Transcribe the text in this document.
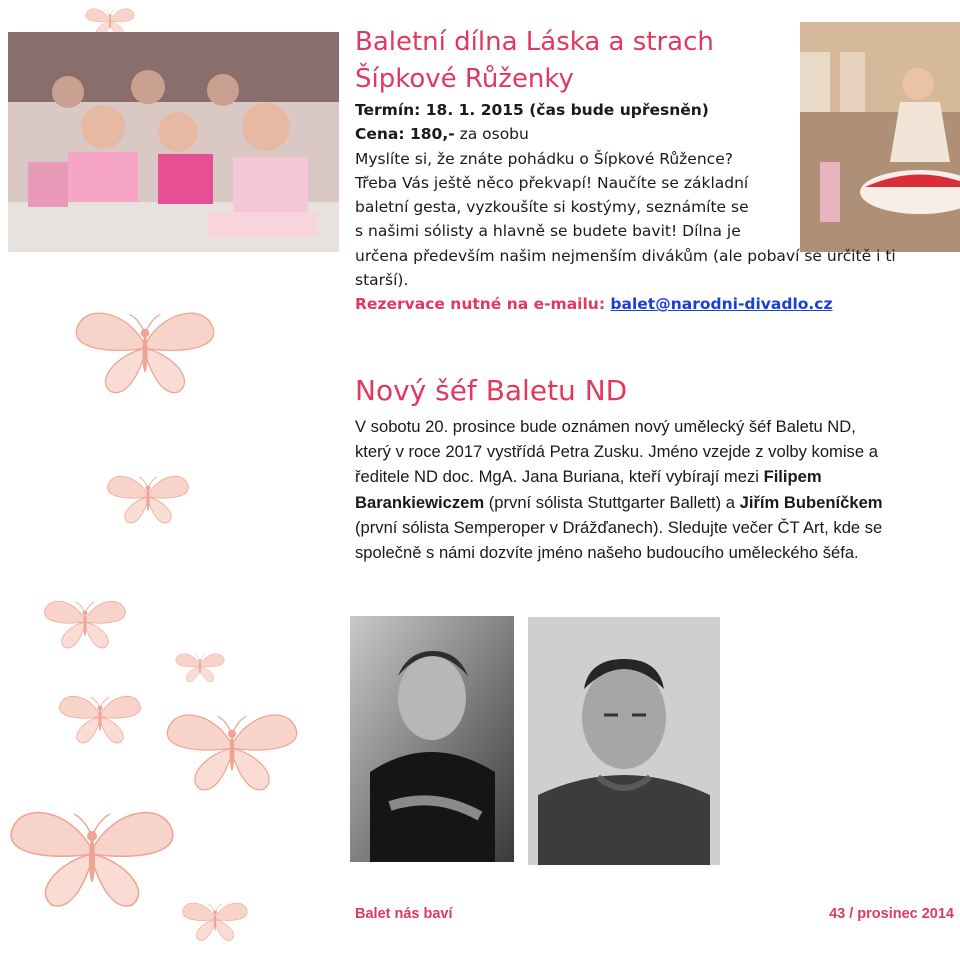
Baletní dílna Láska a strach
Šípkové Růženky
Termín: 18. 1. 2015 (čas bude upřesněn)
Cena: 180,- za osobu
Myslíte si, že znáte pohádku o Šípkové Růžence?
Třeba Vás ještě něco překvapí! Naučíte se základní
baletní gesta, vyzkoušíte si kostýmy, seznámíte se
s našimi sólisty a hlavně se budete bavit! Dílna je
určena především našim nejmenším divákům (ale pobaví se určitě i ti
starší).
Rezervace nutné na e-mailu: balet@narodni-divadlo.cz
Nový šéf Baletu ND
V sobotu 20. prosince bude oznámen nový umělecký šéf Baletu ND,
který v roce 2017 vystřídá Petra Zusku. Jméno vzejde z volby komise a
ředitele ND doc. MgA. Jana Buriana, kteří vybírají mezi Filipem
Barankiewiczem (první sólista Stuttgarter Ballett) a Jiřím Bubeníčkem
(první sólista Semperoper v Drážďanech). Sledujte večer ČT Art, kde se
společně s námi dozvíte jméno našeho budoucího uměleckého šéfa.
Balet nás baví	43 / prosinec 2014
